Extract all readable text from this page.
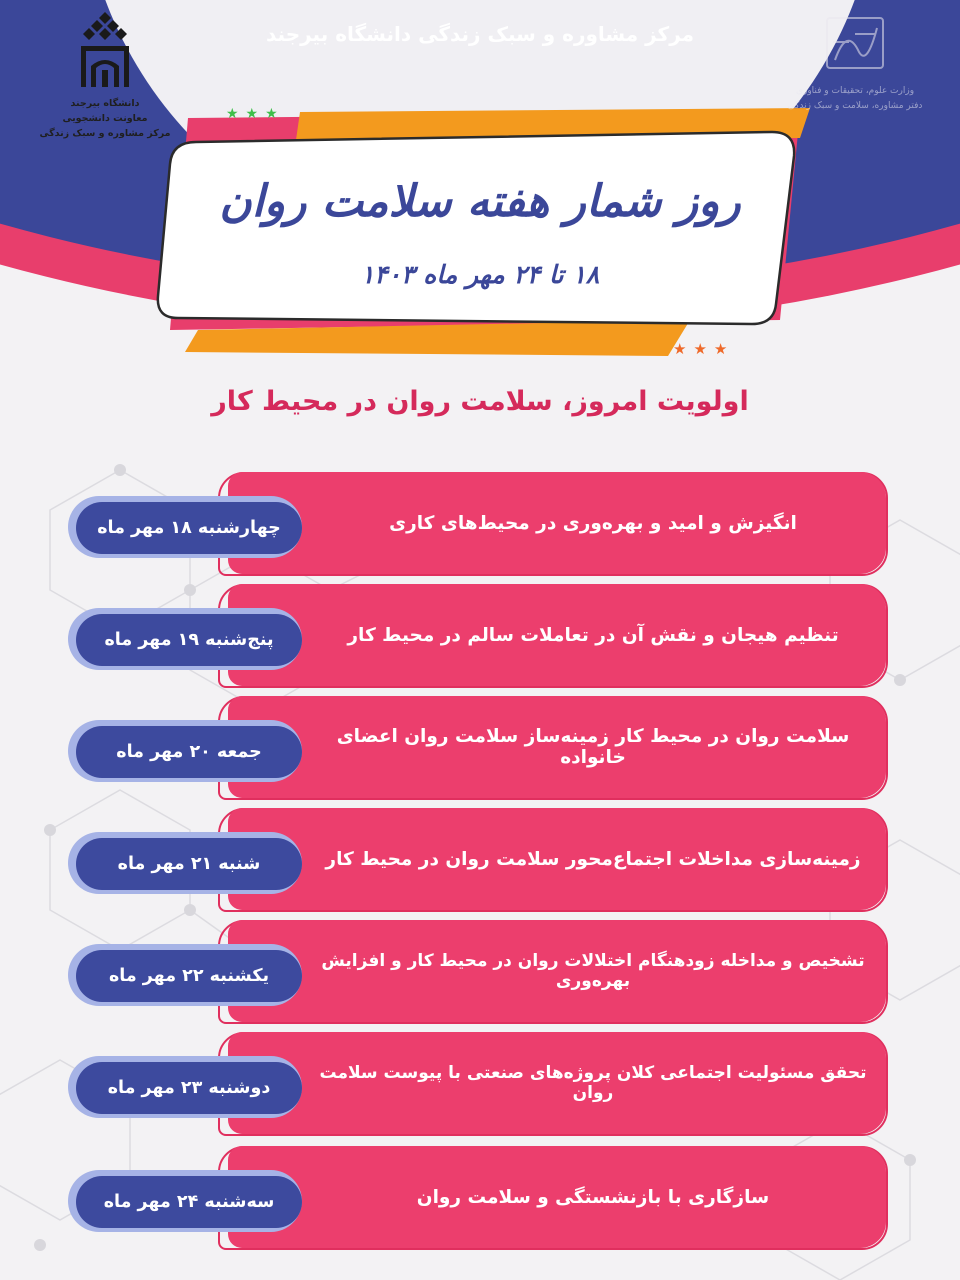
مرکز مشاوره و سبک زندگی دانشگاه بیرجند
دانشگاه بیرجند
معاونت دانشجویی
مرکز مشاوره و سبک زندگی
وزارت علوم، تحقیقات و فناوری
دفتر مشاوره، سلامت و سبک زندگی
★★★
★★★
روز شمار هفته سلامت روان
۱۸ تا ۲۴ مهر ماه ۱۴۰۳
اولویت امروز، سلامت روان در محیط کار
انگیزش و امید و بهره‌وری در محیط‌های کاری
چهارشنبه ۱۸ مهر ماه
تنظیم هیجان و نقش آن در تعاملات سالم در محیط کار
پنج‌شنبه ۱۹ مهر ماه
سلامت روان در محیط کار زمینه‌ساز سلامت روان اعضای خانواده
جمعه ۲۰ مهر ماه
زمینه‌سازی مداخلات اجتماع‌محور سلامت روان در محیط کار
شنبه ۲۱ مهر ماه
تشخیص و مداخله زودهنگام اختلالات روان در محیط کار و افزایش بهره‌وری
یکشنبه ۲۲ مهر ماه
تحقق مسئولیت اجتماعی کلان پروژه‌های صنعتی با پیوست سلامت روان
دوشنبه ۲۳ مهر ماه
سازگاری با بازنشستگی و سلامت روان
سه‌شنبه ۲۴ مهر ماه
